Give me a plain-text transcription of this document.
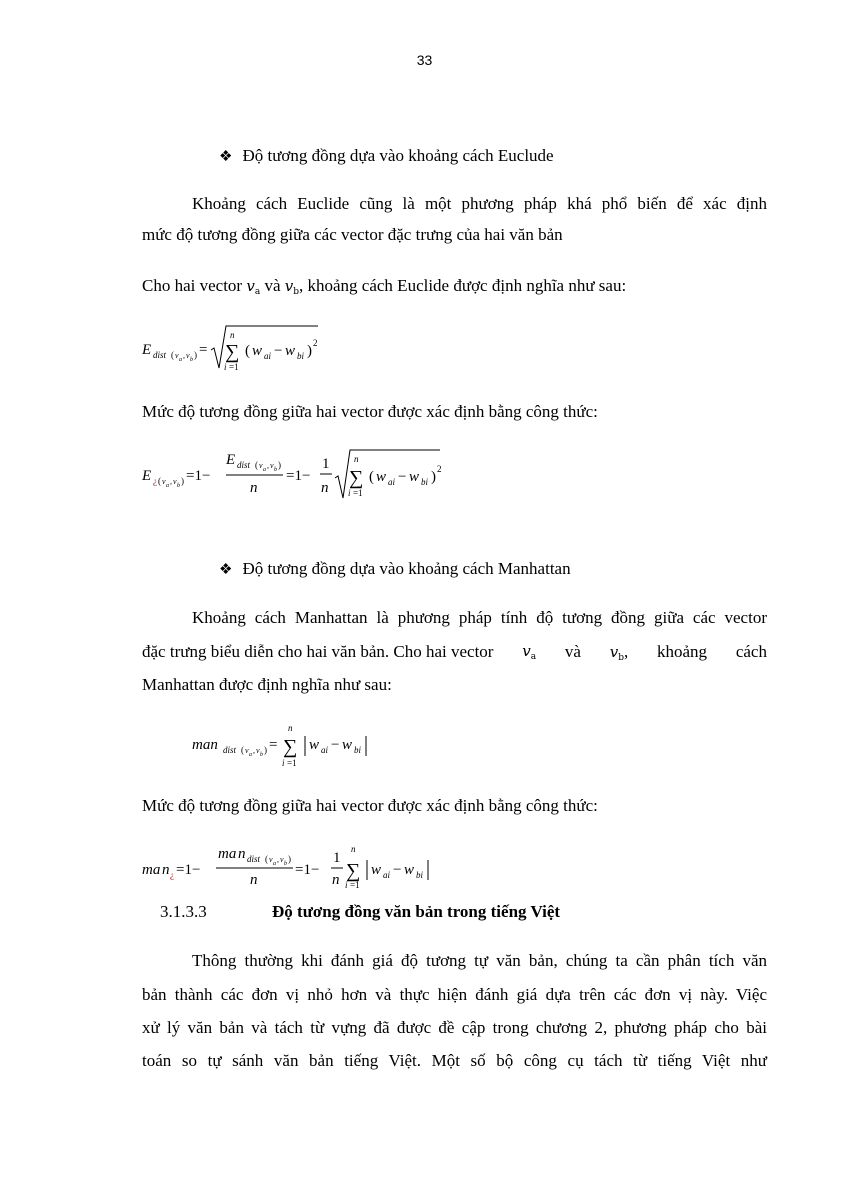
33
❖ Độ tương đồng dựa vào khoảng cách Euclude
Khoảng cách Euclide cũng là một phương pháp khá phổ biến để xác định
mức độ tương đồng giữa các vector đặc trưng của hai văn bản
Cho hai vector $v_a$ và $v_b$, khoảng cách Euclide được định nghĩa như sau:
E dist ( v a , v b ) =
n
∑
i =1
( w ai − w bi ) 2
Mức độ tương đồng giữa hai vector được xác định bằng công thức:
E ¿ ( v a , v b ) =1−
E dist ( v a , v b )
n
=1−
1
n
n
∑
i =1
( w ai − w bi ) 2
❖ Độ tương đồng dựa vào khoảng cách Manhattan
Khoảng cách Manhattan là phương pháp tính độ tương đồng giữa các vector
đặc trưng biểu diễn cho hai văn bản. Cho hai vector $v_a$ và $v_b$, khoảng cách
Manhattan được định nghĩa như sau:
man dist ( v a , v b ) =
n
∑
i =1
w ai − w bi
Mức độ tương đồng giữa hai vector được xác định bằng công thức:
ma n ¿ =1−
ma n dist ( v a , v b )
n
=1−
1
n
n
∑
i =1
w ai − w bi
3.1.3.3	Độ tương đồng văn bản trong tiếng Việt
Thông thường khi đánh giá độ tương tự văn bản, chúng ta cần phân tích văn
bản thành các đơn vị nhỏ hơn và thực hiện đánh giá dựa trên các đơn vị này. Việc
xử lý văn bản và tách từ vựng đã được đề cập trong chương 2, phương pháp cho bài
toán so tự sánh văn bản tiếng Việt. Một số bộ công cụ tách từ tiếng Việt như
